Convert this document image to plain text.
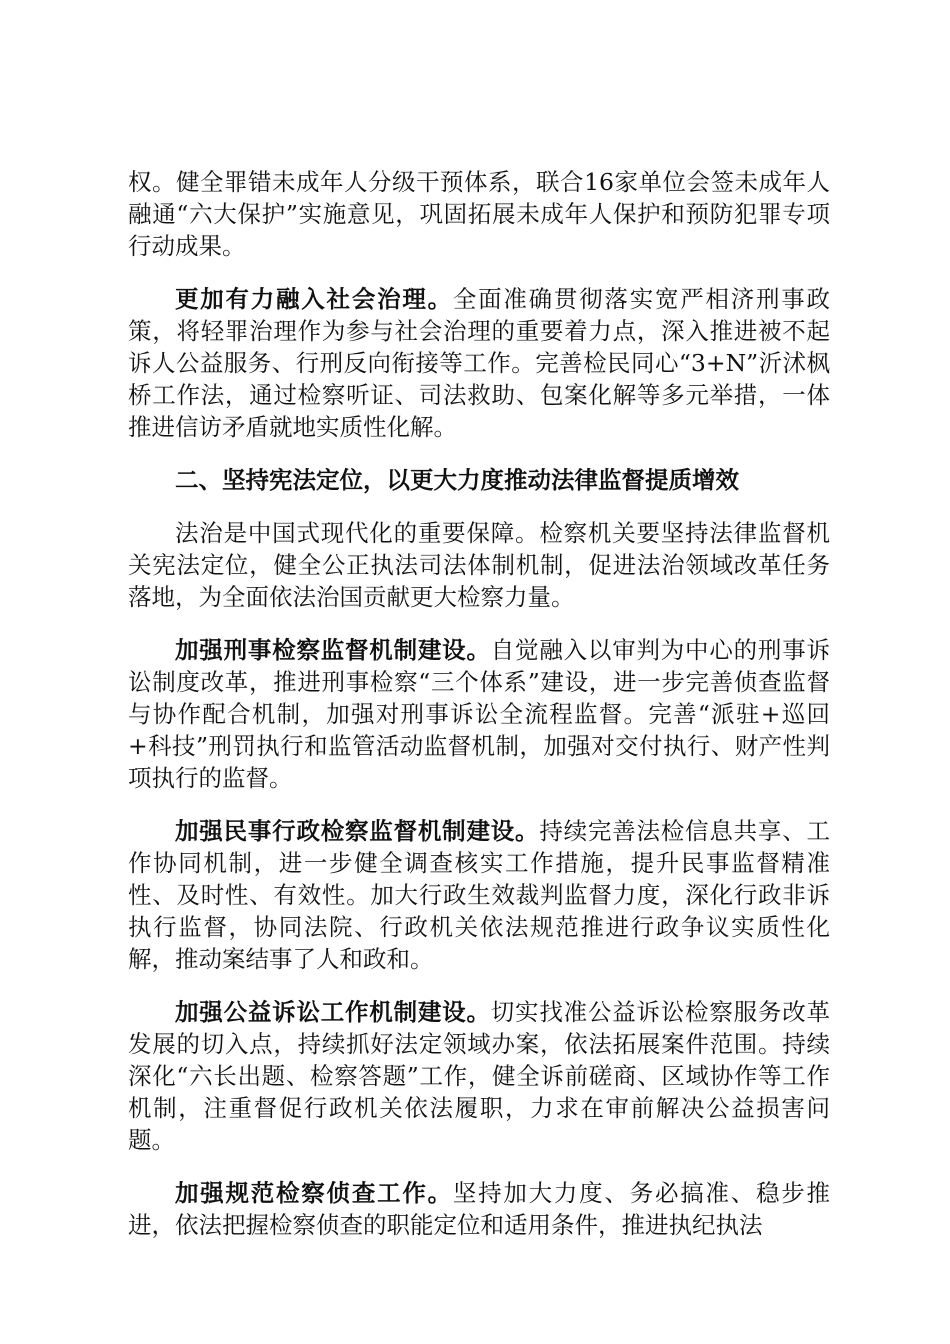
权。健全罪错未成年人分级干预体系，联合16家单位会签未成年人融通“六大保护”实施意见，巩固拓展未成年人保护和预防犯罪专项行动成果。

更加有力融入社会治理。全面准确贯彻落实宽严相济刑事政策，将轻罪治理作为参与社会治理的重要着力点，深入推进被不起诉人公益服务、行刑反向衔接等工作。完善检民同心“3+N”沂沭枫桥工作法，通过检察听证、司法救助、包案化解等多元举措，一体推进信访矛盾就地实质性化解。

二、坚持宪法定位，以更大力度推动法律监督提质增效

法治是中国式现代化的重要保障。检察机关要坚持法律监督机关宪法定位，健全公正执法司法体制机制，促进法治领域改革任务落地，为全面依法治国贡献更大检察力量。

加强刑事检察监督机制建设。自觉融入以审判为中心的刑事诉讼制度改革，推进刑事检察“三个体系”建设，进一步完善侦查监督与协作配合机制，加强对刑事诉讼全流程监督。完善“派驻+巡回+科技”刑罚执行和监管活动监督机制，加强对交付执行、财产性判项执行的监督。

加强民事行政检察监督机制建设。持续完善法检信息共享、工作协同机制，进一步健全调查核实工作措施，提升民事监督精准性、及时性、有效性。加大行政生效裁判监督力度，深化行政非诉执行监督，协同法院、行政机关依法规范推进行政争议实质性化解，推动案结事了人和政和。

加强公益诉讼工作机制建设。切实找准公益诉讼检察服务改革发展的切入点，持续抓好法定领域办案，依法拓展案件范围。持续深化“六长出题、检察答题”工作，健全诉前磋商、区域协作等工作机制，注重督促行政机关依法履职，力求在审前解决公益损害问题。

加强规范检察侦查工作。坚持加大力度、务必搞准、稳步推进，依法把握检察侦查的职能定位和适用条件，推进执纪执法
